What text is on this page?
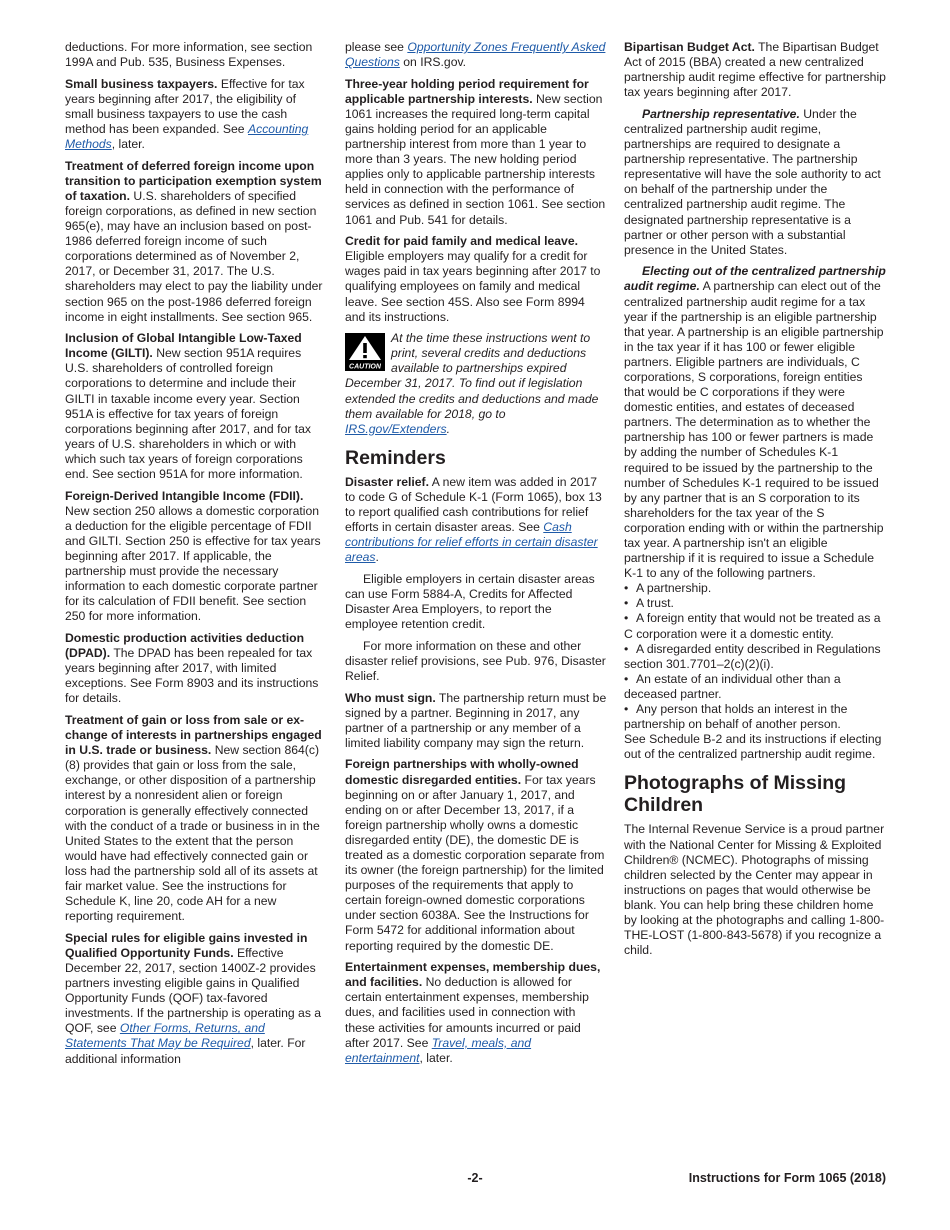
deductions. For more information, see section 199A and Pub. 535, Business Expenses.

Small business taxpayers. Effective for tax years beginning after 2017, the eligibility of small business taxpayers to use the cash method has been expanded. See Accounting Methods, later.

Treatment of deferred foreign income upon transition to participation exemption system of taxation. U.S. shareholders of specified foreign corporations, as defined in new section 965(e), may have an inclusion based on post-1986 deferred foreign income of such corporations determined as of November 2, 2017, or December 31, 2017. The U.S. shareholders may elect to pay the liability under section 965 on the post-1986 deferred foreign income in eight installments. See section 965.

Inclusion of Global Intangible Low-Taxed Income (GILTI). New section 951A requires U.S. shareholders of controlled foreign corporations to determine and include their GILTI in taxable income every year. Section 951A is effective for tax years of foreign corporations beginning after 2017, and for tax years of U.S. shareholders in which or with which such tax years of foreign corporations end. See section 951A for more information.

Foreign-Derived Intangible Income (FDII). New section 250 allows a domestic corporation a deduction for the eligible percentage of FDII and GILTI. Section 250 is effective for tax years beginning after 2017. If applicable, the partnership must provide the necessary information to each domestic corporate partner for its calculation of FDII benefit. See section 250 for more information.

Domestic production activities deduction (DPAD). The DPAD has been repealed for tax years beginning after 2017, with limited exceptions. See Form 8903 and its instructions for details.

Treatment of gain or loss from sale or exchange of interests in partnerships engaged in U.S. trade or business. New section 864(c)(8) provides that gain or loss from the sale, exchange, or other disposition of a partnership interest by a nonresident alien or foreign corporation is generally effectively connected with the conduct of a trade or business in in the United States to the extent that the person would have had effectively connected gain or loss had the partnership sold all of its assets at fair market value. See the instructions for Schedule K, line 20, code AH for a new reporting requirement.

Special rules for eligible gains invested in Qualified Opportunity Funds. Effective December 22, 2017, section 1400Z-2 provides partners investing eligible gains in Qualified Opportunity Funds (QOF) tax-favored investments. If the partnership is operating as a QOF, see Other Forms, Returns, and Statements That May be Required, later. For additional information

please see Opportunity Zones Frequently Asked Questions on IRS.gov.

Three-year holding period requirement for applicable partnership interests. New section 1061 increases the required long-term capital gains holding period for an applicable partnership interest from more than 1 year to more than 3 years. The new holding period applies only to applicable partnership interests held in connection with the performance of services as defined in section 1061. See section 1061 and Pub. 541 for details.

Credit for paid family and medical leave. Eligible employers may qualify for a credit for wages paid in tax years beginning after 2017 to qualifying employees on family and medical leave. See section 45S. Also see Form 8994 and its instructions.

CAUTION
At the time these instructions went to print, several credits and deductions available to partnerships expired December 31, 2017. To find out if legislation extended the credits and deductions and made them available for 2018, go to IRS.gov/Extenders.
Reminders

Disaster relief. A new item was added in 2017 to code G of Schedule K-1 (Form 1065), box 13 to report qualified cash contributions for relief efforts in certain disaster areas. See Cash contributions for relief efforts in certain disaster areas.

Eligible employers in certain disaster areas can use Form 5884-A, Credits for Affected Disaster Area Employers, to report the employee retention credit.

For more information on these and other disaster relief provisions, see Pub. 976, Disaster Relief.

Who must sign. The partnership return must be signed by a partner. Beginning in 2017, any partner of a partnership or any member of a limited liability company may sign the return.

Foreign partnerships with wholly-owned domestic disregarded entities. For tax years beginning on or after January 1, 2017, and ending on or after December 13, 2017, if a foreign partnership wholly owns a domestic disregarded entity (DE), the domestic DE is treated as a domestic corporation separate from its owner (the foreign partnership) for the limited purposes of the requirements that apply to certain foreign-owned domestic corporations under section 6038A. See the Instructions for Form 5472 for additional information about reporting required by the domestic DE.

Entertainment expenses, membership dues, and facilities. No deduction is allowed for certain entertainment expenses, membership dues, and facilities used in connection with these activities for amounts incurred or paid after 2017. See Travel, meals, and entertainment, later.

Bipartisan Budget Act. The Bipartisan Budget Act of 2015 (BBA) created a new centralized partnership audit regime effective for partnership tax years beginning after 2017.

Partnership representative. Under the centralized partnership audit regime, partnerships are required to designate a partnership representative. The partnership representative will have the sole authority to act on behalf of the partnership under the centralized partnership audit regime. The designated partnership representative is a partner or other person with a substantial presence in the United States.

Electing out of the centralized partnership audit regime. A partnership can elect out of the centralized partnership audit regime for a tax year if the partnership is an eligible partnership that year. A partnership is an eligible partnership in the tax year if it has 100 or fewer eligible partners. Eligible partners are individuals, C corporations, S corporations, foreign entities that would be C corporations if they were domestic entities, and estates of deceased partners. The determination as to whether the partnership has 100 or fewer partners is made by adding the number of Schedules K-1 required to be issued by the partnership to the number of Schedules K-1 required to be issued by any partner that is an S corporation to its shareholders for the tax year of the S corporation ending with or within the partnership tax year. A partnership isn't an eligible partnership if it is required to issue a Schedule K-1 to any of the following partners.

• A partnership.
• A trust.
• A foreign entity that would not be treated as a C corporation were it a domestic entity.
• A disregarded entity described in Regulations section 301.7701–2(c)(2)(i).
• An estate of an individual other than a deceased partner.
• Any person that holds an interest in the partnership on behalf of another person.

See Schedule B-2 and its instructions if electing out of the centralized partnership audit regime.

Photographs of Missing Children

The Internal Revenue Service is a proud partner with the National Center for Missing & Exploited Children® (NCMEC). Photographs of missing children selected by the Center may appear in instructions on pages that would otherwise be blank. You can help bring these children home by looking at the photographs and calling 1-800-THE-LOST (1-800-843-5678) if you recognize a child.

-2-	Instructions for Form 1065 (2018)
